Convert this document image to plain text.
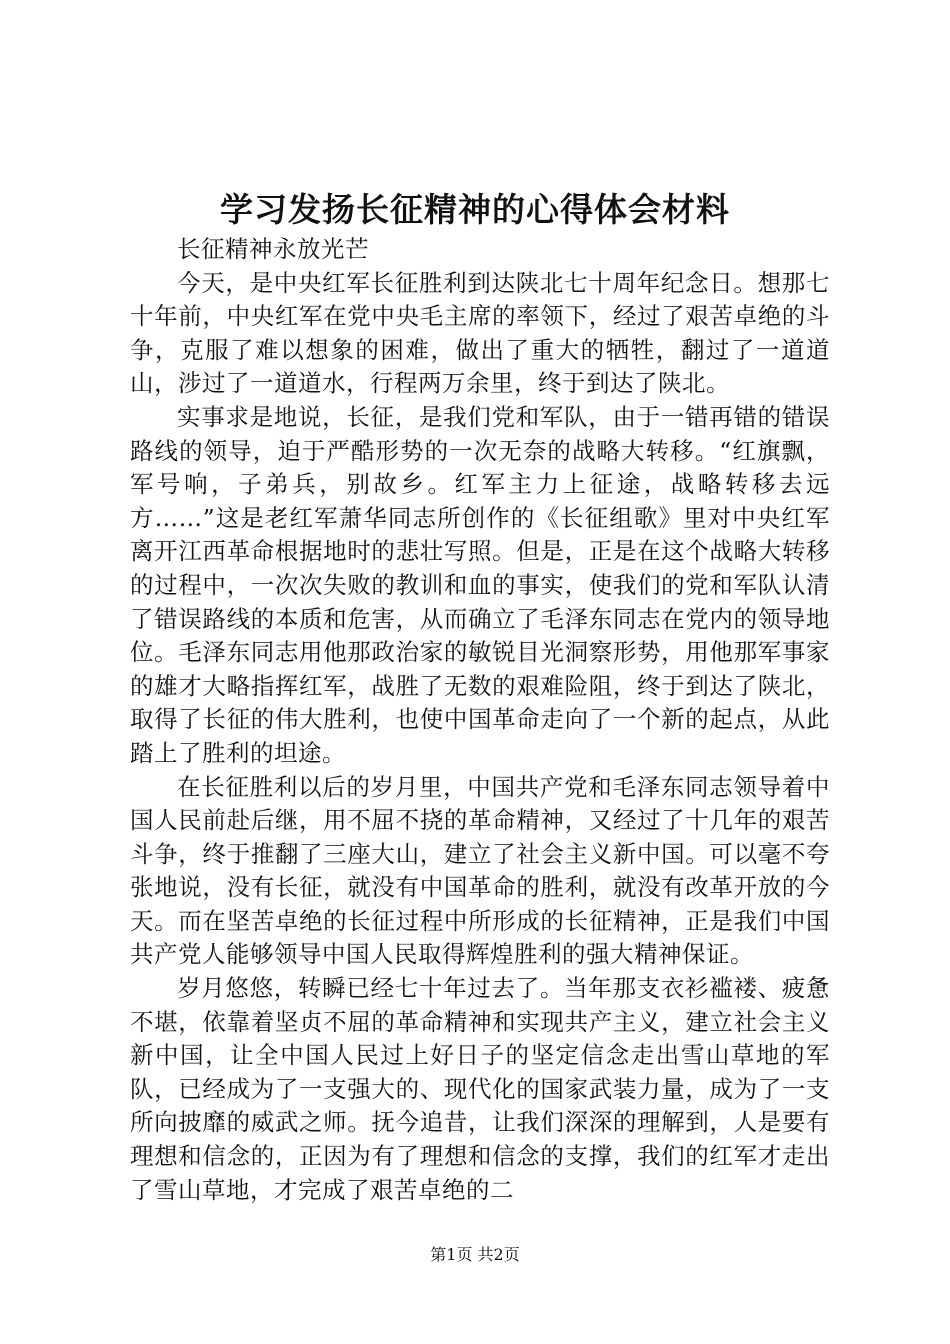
学习发扬长征精神的心得体会材料

长征精神永放光芒

今天，是中央红军长征胜利到达陕北七十周年纪念日。想那七十年前，中央红军在党中央毛主席的率领下，经过了艰苦卓绝的斗争，克服了难以想象的困难，做出了重大的牺牲，翻过了一道道山，涉过了一道道水，行程两万余里，终于到达了陕北。

实事求是地说，长征，是我们党和军队，由于一错再错的错误路线的领导，迫于严酷形势的一次无奈的战略大转移。“红旗飘，军号响，子弟兵，别故乡。红军主力上征途，战略转移去远方……”这是老红军萧华同志所创作的《长征组歌》里对中央红军离开江西革命根据地时的悲壮写照。但是，正是在这个战略大转移的过程中，一次次失败的教训和血的事实，使我们的党和军队认清了错误路线的本质和危害，从而确立了毛泽东同志在党内的领导地位。毛泽东同志用他那政治家的敏锐目光洞察形势，用他那军事家的雄才大略指挥红军，战胜了无数的艰难险阻，终于到达了陕北，取得了长征的伟大胜利，也使中国革命走向了一个新的起点，从此踏上了胜利的坦途。

在长征胜利以后的岁月里，中国共产党和毛泽东同志领导着中国人民前赴后继，用不屈不挠的革命精神，又经过了十几年的艰苦斗争，终于推翻了三座大山，建立了社会主义新中国。可以毫不夸张地说，没有长征，就没有中国革命的胜利，就没有改革开放的今天。而在坚苦卓绝的长征过程中所形成的长征精神，正是我们中国共产党人能够领导中国人民取得辉煌胜利的强大精神保证。

岁月悠悠，转瞬已经七十年过去了。当年那支衣衫褴褛、疲惫不堪，依靠着坚贞不屈的革命精神和实现共产主义，建立社会主义新中国，让全中国人民过上好日子的坚定信念走出雪山草地的军队，已经成为了一支强大的、现代化的国家武装力量，成为了一支所向披靡的威武之师。抚今追昔，让我们深深的理解到，人是要有理想和信念的，正因为有了理想和信念的支撑，我们的红军才走出了雪山草地，才完成了艰苦卓绝的二

第1页 共2页
